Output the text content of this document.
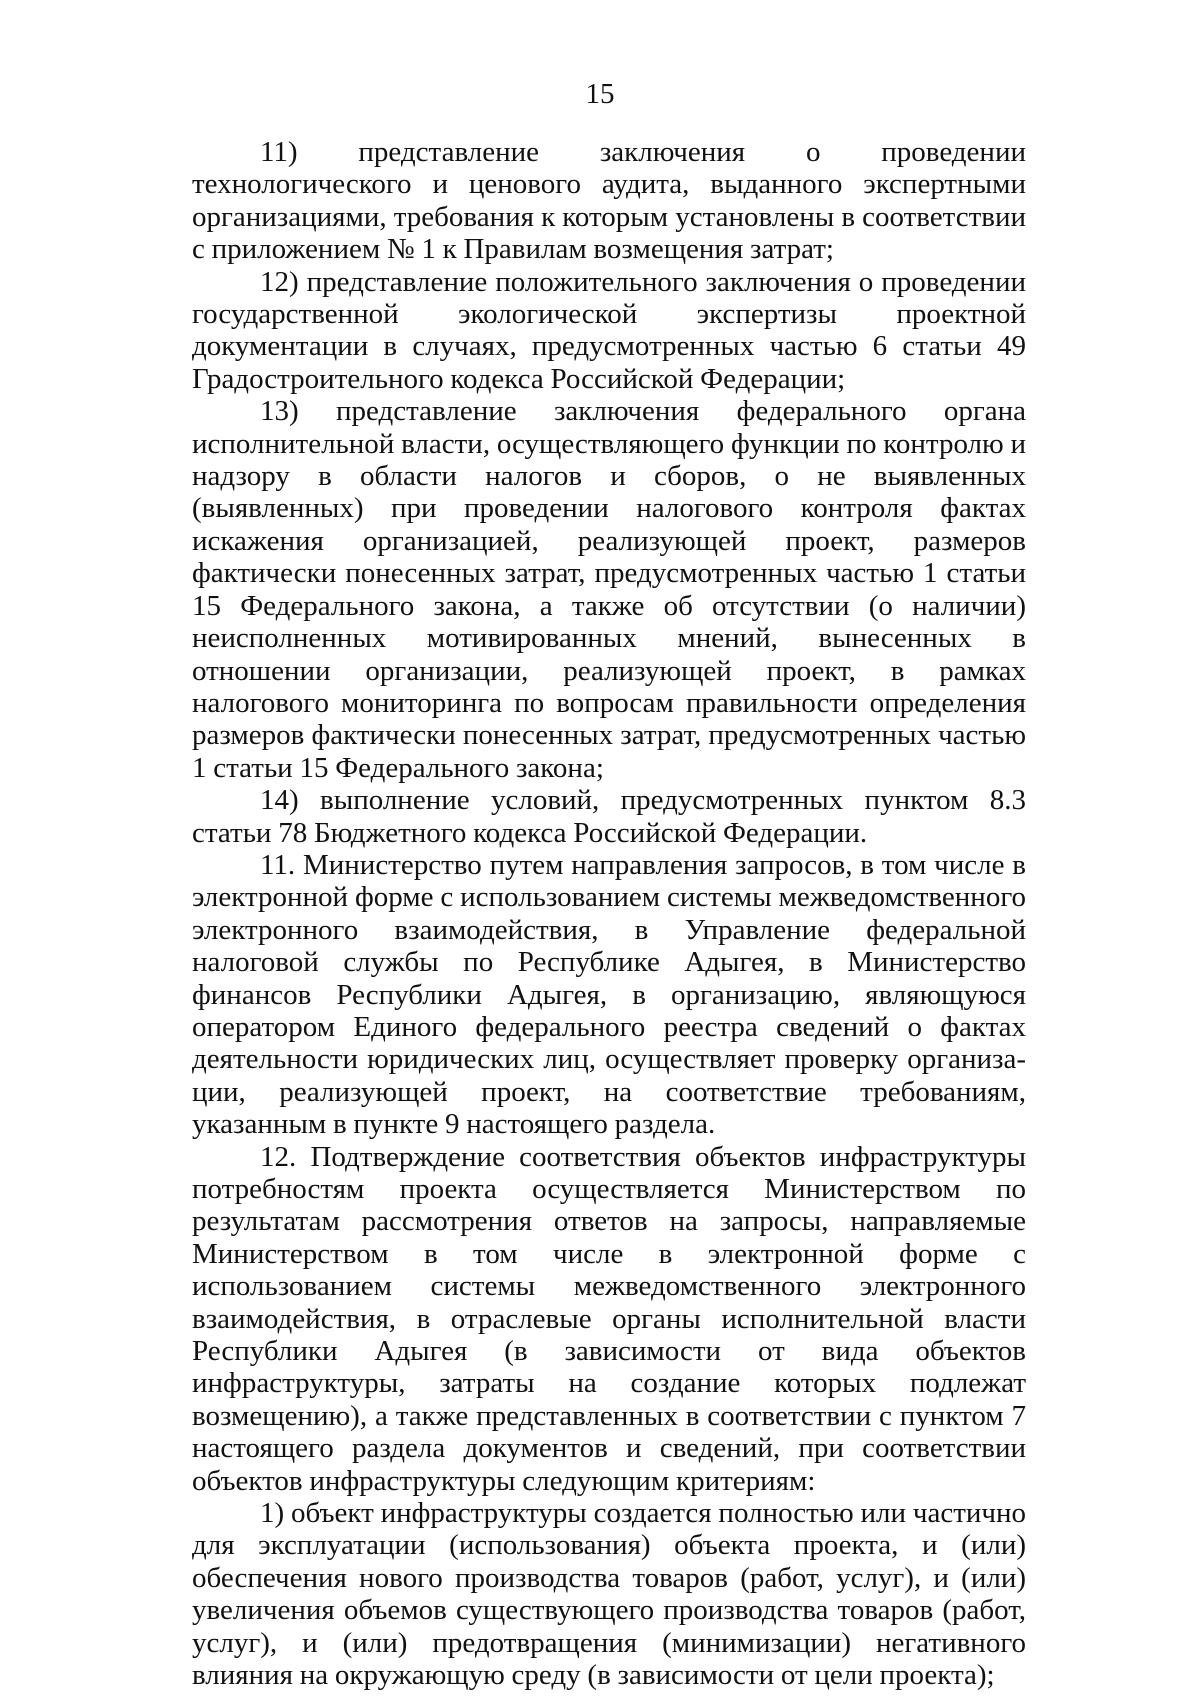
15

11) представление заключения о проведении технологического и ценового аудита, выданного экспертными организациями, требования к которым установлены в соответствии с приложением № 1 к Правилам возмещения затрат;

12) представление положительного заключения о проведении государственной экологической экспертизы проектной документации в случаях, предусмотренных частью 6 статьи 49 Градостроительного кодекса Российской Федерации;

13) представление заключения федерального органа исполнительной власти, осуществляющего функции по контролю и надзору в области налогов и сборов, о не выявленных (выявленных) при проведении налогового контроля фактах искажения организацией, реализующей проект, размеров фактически понесенных затрат, предусмотренных частью 1 статьи 15 Федерального закона, а также об отсутствии (о наличии) неисполненных мотивированных мнений, вынесенных в отношении организации, реализующей проект, в рамках налогового мониторинга по вопросам правильности определения размеров фактически понесенных затрат, предусмотренных частью 1 статьи 15 Федерального закона;

14) выполнение условий, предусмотренных пунктом 8.3 статьи 78 Бюджетного кодекса Российской Федерации.

11. Министерство путем направления запросов, в том числе в электронной форме с использованием системы межведомственного электронного взаимодействия, в Управление федеральной налоговой службы по Республике Адыгея, в Министерство финансов Республики Адыгея, в организацию, являющуюся оператором Единого федерального реестра сведений о фактах деятельности юридических лиц, осуществляет проверку организации, реализующей проект, на соответствие требованиям, указанным в пункте 9 настоящего раздела.

12. Подтверждение соответствия объектов инфраструктуры потребностям проекта осуществляется Министерством по результатам рассмотрения ответов на запросы, направляемые Министерством в том числе в электронной форме с использованием системы межведомственного электронного взаимодействия, в отраслевые органы исполнительной власти Республики Адыгея (в зависимости от вида объектов инфраструктуры, затраты на создание которых подлежат возмещению), а также представленных в соответствии с пунктом 7 настоящего раздела документов и сведений, при соответствии объектов инфраструктуры следующим критериям:

1) объект инфраструктуры создается полностью или частично для эксплуатации (использования) объекта проекта, и (или) обеспечения нового производства товаров (работ, услуг), и (или) увеличения объемов существующего производства товаров (работ, услуг), и (или) предотвращения (минимизации) негативного влияния на окружающую среду (в зависимости от цели проекта);
